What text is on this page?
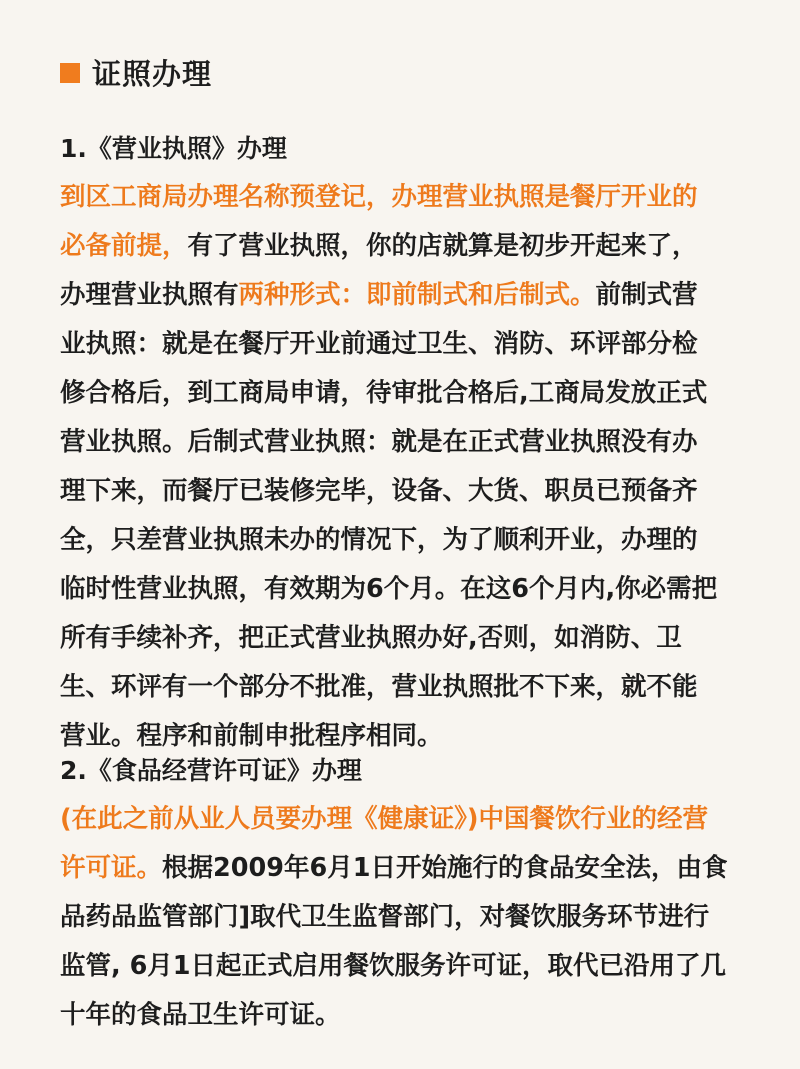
证照办理
1.《营业执照》办理
到区工商局办理名称预登记，办理营业执照是餐厅开业的
必备前提，有了营业执照，你的店就算是初步开起来了，
办理营业执照有两种形式：即前制式和后制式。前制式营
业执照：就是在餐厅开业前通过卫生、消防、环评部分检
修合格后，到工商局申请，待审批合格后,工商局发放正式
营业执照。后制式营业执照：就是在正式营业执照没有办
理下来，而餐厅已装修完毕，设备、大货、职员已预备齐
全，只差营业执照未办的情况下，为了顺利开业，办理的
临时性营业执照，有效期为6个月。在这6个月内,你必需把
所有手续补齐，把正式营业执照办好,否则，如消防、卫
生、环评有一个部分不批准，营业执照批不下来，就不能
营业。程序和前制申批程序相同。
2.《食品经营许可证》办理
(在此之前从业人员要办理《健康证》)中国餐饮行业的经营
许可证。根据2009年6月1日开始施行的食品安全法，由食
品药品监管部门]取代卫生监督部门，对餐饮服务环节进行
监管, 6月1日起正式启用餐饮服务许可证，取代已沿用了几
十年的食品卫生许可证。
